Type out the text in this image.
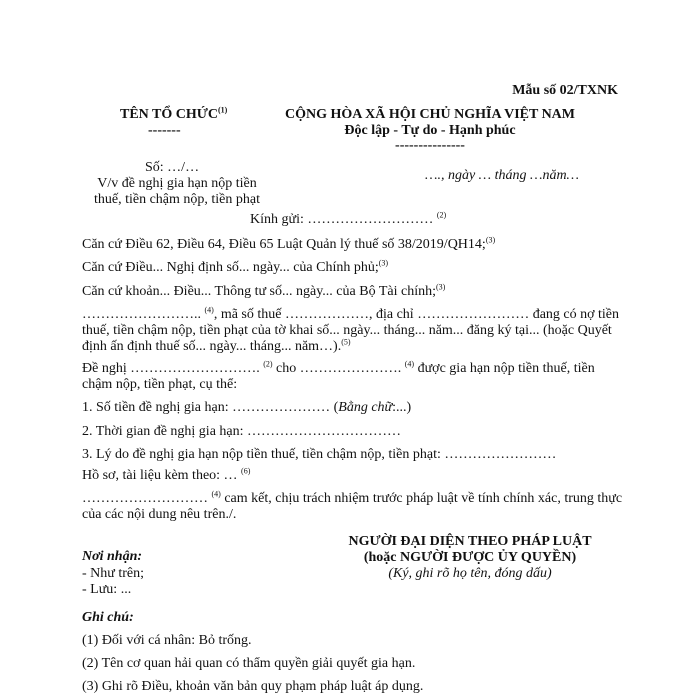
Mẫu số 02/TXNK
TÊN TỔ CHỨC$^{(1)}$
-------
CỘNG HÒA XÃ HỘI CHỦ NGHĨA VIỆT NAM
Độc lập - Tự do - Hạnh phúc
---------------
Số: …/…
V/v đề nghị gia hạn nộp tiền
thuế, tiền chậm nộp, tiền phạt
…., ngày … tháng …năm…
Kính gửi: ……………………… $^{(2)}$
Căn cứ Điều 62, Điều 64, Điều 65 Luật Quản lý thuế số 38/2019/QH14;$^{(3)}$
Căn cứ Điều... Nghị định số... ngày... của Chính phủ;$^{(3)}$
Căn cứ khoản... Điều... Thông tư số... ngày... của Bộ Tài chính;$^{(3)}$
…………………….. $^{(4)}$, mã số thuế ………………, địa chỉ …………………… đang có nợ tiền
thuế, tiền chậm nộp, tiền phạt của tờ khai số... ngày... tháng... năm... đăng ký tại... (hoặc Quyết
định ấn định thuế số... ngày... tháng... năm…).$^{(5)}$
Đề nghị ………………………. $^{(2)}$ cho …………………. $^{(4)}$ được gia hạn nộp tiền thuế, tiền
chậm nộp, tiền phạt, cụ thể:
1. Số tiền đề nghị gia hạn: ………………… (Bằng chữ:...)
2. Thời gian đề nghị gia hạn: ……………………………
3. Lý do đề nghị gia hạn nộp tiền thuế, tiền chậm nộp, tiền phạt: ……………………
Hồ sơ, tài liệu kèm theo: … $^{(6)}$
……………………… $^{(4)}$ cam kết, chịu trách nhiệm trước pháp luật về tính chính xác, trung thực
của các nội dung nêu trên./.
NGƯỜI ĐẠI DIỆN THEO PHÁP LUẬT
(hoặc NGƯỜI ĐƯỢC ỦY QUYỀN)
(Ký, ghi rõ họ tên, đóng dấu)
Nơi nhận:
- Như trên;
- Lưu: ...
Ghi chú:
(1) Đối với cá nhân: Bỏ trống.
(2) Tên cơ quan hải quan có thẩm quyền giải quyết gia hạn.
(3) Ghi rõ Điều, khoản văn bản quy phạm pháp luật áp dụng.
